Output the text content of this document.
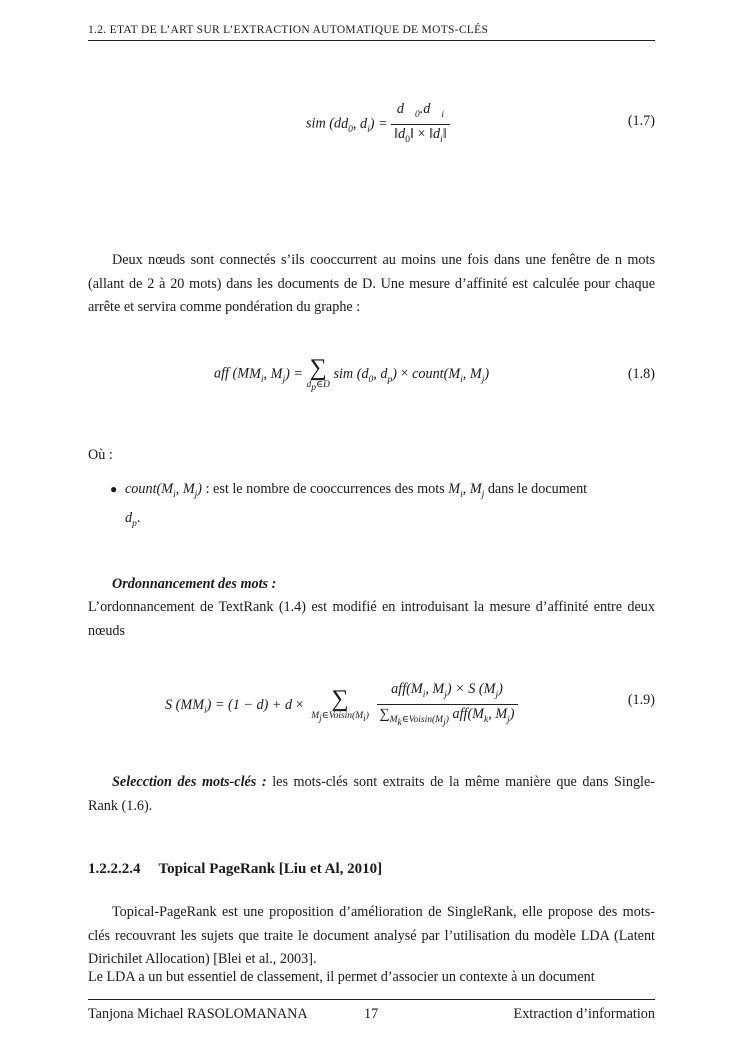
1.2. ETAT DE L’ART SUR L’EXTRACTION AUTOMATIQUE DE MOTS-CLÉS
sim ($dd_0$, $d_i) = \frac{d⃗_0.d⃗_i}{‖d_0‖ \times ‖d_i‖}$	(1.7)
Deux nœuds sont connectés s’ils cooccurrent au moins une fois dans une fenêtre de n mots (allant de 2 à 20 mots) dans les documents de D. Une mesure d’affinité est calculée pour chaque arrête et servira comme pondération du graphe :
aff ($MM_i$, $M_j$) = ∑
$d_p\in D$
sim ($d_0$, $d_p$) × $count(M_i$, $M_j$)	(1.8)
Où :
● $count(M_i$, $M_j$) : est le nombre de cooccurrences des mots $M_i$, $M_j$ dans le document
$d_p$.
Ordonnancement des mots :
L’ordonnancement de TextRank (1.4) est modifié en introduisant la mesure d’affinité entre deux nœuds
S $(MM_i) = (1 - d) + d$ ×	∑
$M_j\in Voisin(M_i)$
$\frac{aff(M_i, M_j) \times S (M_j)}{\sum_{M_k\in Voisin(M_j)} aff(M_k, M_j)}$	(1.9)
Selecction des mots-clés : les mots-clés sont extraits de la même manière que dans Single-Rank (1.6).
1.2.2.2.4 Topical PageRank [Liu et Al, 2010]
Topical-PageRank est une proposition d’amélioration de SingleRank, elle propose des mots-clés recouvrant les sujets que traite le document analysé par l’utilisation du modèle LDA (Latent Dirichilet Allocation) [Blei et al., 2003].
Le LDA a un but essentiel de classement, il permet d’associer un contexte à un document
Tanjona Michael RASOLOMANANA	17	Extraction d’information
